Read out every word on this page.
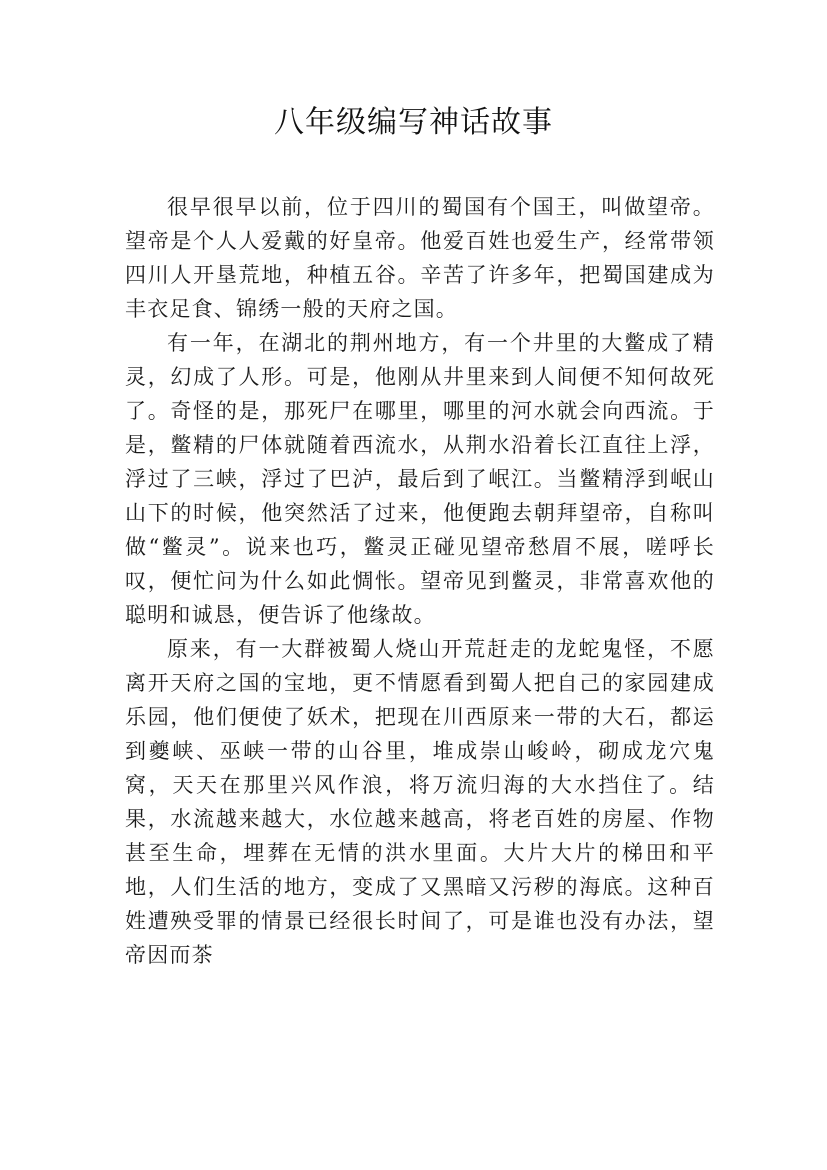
八年级编写神话故事

很早很早以前，位于四川的蜀国有个国王，叫做望帝。望帝是个人人爱戴的好皇帝。他爱百姓也爱生产，经常带领四川人开垦荒地，种植五谷。辛苦了许多年，把蜀国建成为丰衣足食、锦绣一般的天府之国。

有一年，在湖北的荆州地方，有一个井里的大鳖成了精灵，幻成了人形。可是，他刚从井里来到人间便不知何故死了。奇怪的是，那死尸在哪里，哪里的河水就会向西流。于是，鳖精的尸体就随着西流水，从荆水沿着长江直往上浮，浮过了三峡，浮过了巴泸，最后到了岷江。当鳖精浮到岷山山下的时候，他突然活了过来，他便跑去朝拜望帝，自称叫做“鳖灵”。说来也巧，鳖灵正碰见望帝愁眉不展，嗟呼长叹，便忙问为什么如此惆怅。望帝见到鳖灵，非常喜欢他的聪明和诚恳，便告诉了他缘故。

原来，有一大群被蜀人烧山开荒赶走的龙蛇鬼怪，不愿离开天府之国的宝地，更不情愿看到蜀人把自己的家园建成乐园，他们便使了妖术，把现在川西原来一带的大石，都运到夔峡、巫峡一带的山谷里，堆成崇山峻岭，砌成龙穴鬼窝，天天在那里兴风作浪，将万流归海的大水挡住了。结果，水流越来越大，水位越来越高，将老百姓的房屋、作物甚至生命，埋葬在无情的洪水里面。大片大片的梯田和平地，人们生活的地方，变成了又黑暗又污秽的海底。这种百姓遭殃受罪的情景已经很长时间了，可是谁也没有办法，望帝因而茶
